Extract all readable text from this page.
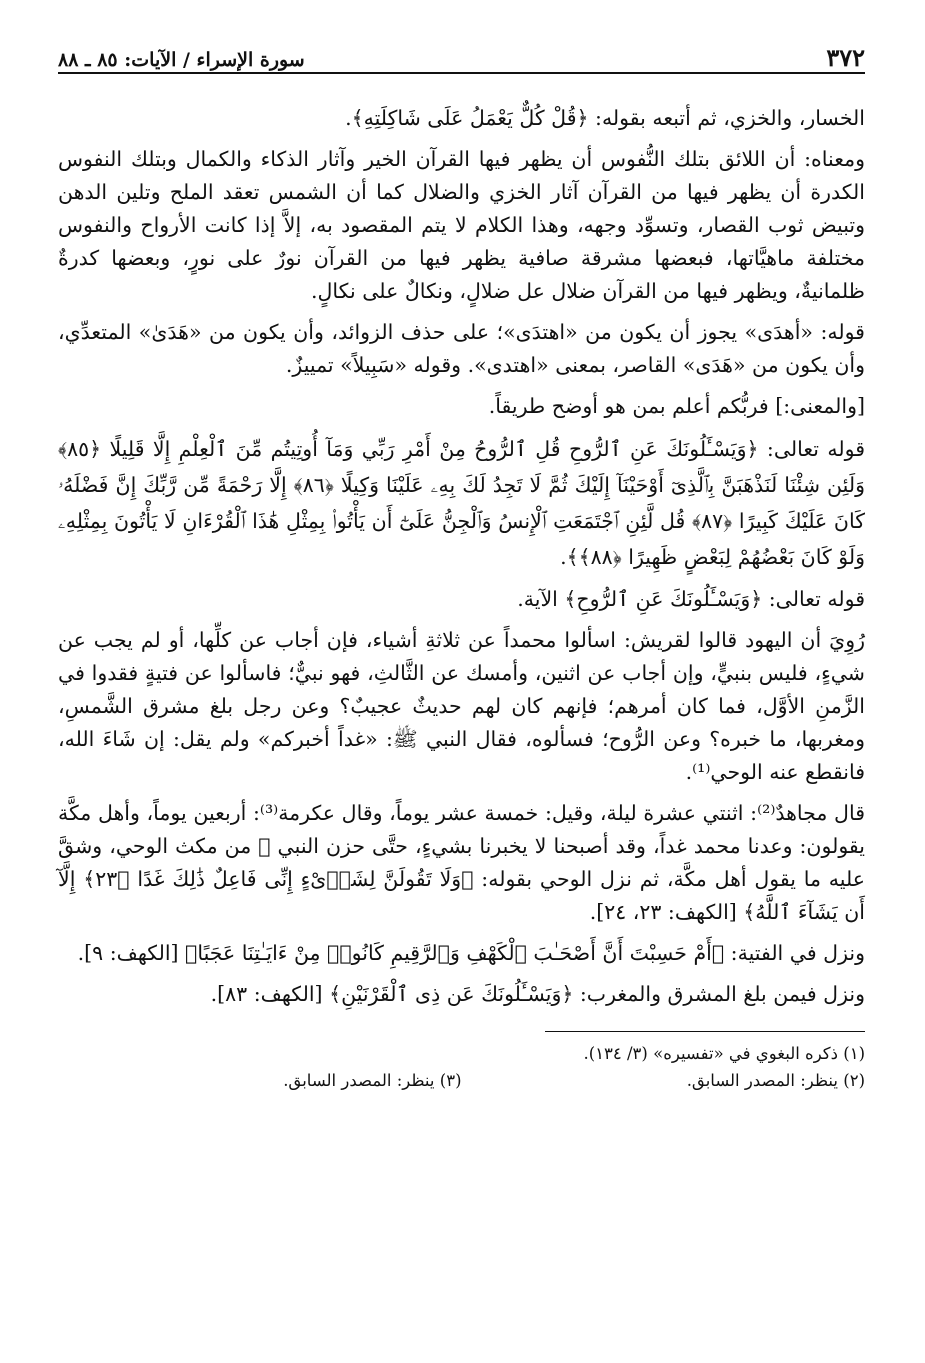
٣٧٢
سورة الإسراء / الآيات: ٨٥ ـ ٨٨

الخسار، والخزي، ثم أتبعه بقوله: ﴿قُلْ كُلٌّ يَعْمَلُ عَلَى شَاكِلَتِهِ﴾.

ومعناه: أن اللائق بتلك النُّفوس أن يظهر فيها القرآن الخير وآثار الذكاء والكمال وبتلك النفوس الكدرة أن يظهر فيها من القرآن آثار الخزي والضلال كما أن الشمس تعقد الملح وتلين الدهن وتبيض ثوب القصار، وتسوِّد وجهه، وهذا الكلام لا يتم المقصود به، إلاَّ إذا كانت الأرواح والنفوس مختلفة ماهيَّاتها، فبعضها مشرقة صافية يظهر فيها من القرآن نورٌ على نورٍ، وبعضها كدرةٌ ظلمانيةٌ، ويظهر فيها من القرآن ضلال عل ضلالٍ، ونكالٌ على نكالٍ.

قوله: «أهدَى» يجوز أن يكون من «اهتدَى»؛ على حذف الزوائد، وأن يكون من «هَدَىٰ» المتعدِّي، وأن يكون من «هَدَى» القاصر، بمعنى «اهتدى». وقوله «سَبِيلاً» تمييزٌ.

[والمعنى:] فربُّكم أعلم بمن هو أوضح طريقاً.

قوله تعالى: ﴿وَيَسْـَٔلُونَكَ عَنِ ٱلرُّوحِ قُلِ ٱلرُّوحُ مِنْ أَمْرِ رَبِّي وَمَآ أُوتِيتُم مِّنَ ٱلْعِلْمِ إِلَّا قَلِيلًا ﴿٨٥﴾ وَلَئِن شِئْنَا لَنَذْهَبَنَّ بِٱلَّذِىٓ أَوْحَيْنَآ إِلَيْكَ ثُمَّ لَا تَجِدُ لَكَ بِهِۦ عَلَيْنَا وَكِيلًا ﴿٨٦﴾ إِلَّا رَحْمَةً مِّن رَّبِّكَ إِنَّ فَضْلَهُۥ كَانَ عَلَيْكَ كَبِيرًا ﴿٨٧﴾ قُل لَّئِنِ ٱجْتَمَعَتِ ٱلْإِنسُ وَٱلْجِنُّ عَلَىٰٓ أَن يَأْتُوا۟ بِمِثْلِ هَٰذَا ٱلْقُرْءَانِ لَا يَأْتُونَ بِمِثْلِهِۦ وَلَوْ كَانَ بَعْضُهُمْ لِبَعْضٍ ظَهِيرًا ﴿٨٨﴾﴾.

قوله تعالى: ﴿وَيَسْـَٔلُونَكَ عَنِ ٱلرُّوحِ﴾ الآية.

رُوِيَ أن اليهود قالوا لقريش: اسألوا محمداً عن ثلاثةِ أشياء، فإن أجاب عن كلِّها، أو لم يجب عن شيءٍ، فليس بنبيٍّ، وإن أجاب عن اثنين، وأمسك عن الثَّالثِ، فهو نبيٌّ؛ فاسألوا عن فتيةٍ فقدوا في الزَّمنِ الأوَّل، فما كان أمرهم؛ فإنهم كان لهم حديثٌ عجيبٌ؟ وعن رجل بلغ مشرق الشَّمسِ، ومغربها، ما خبره؟ وعن الرُّوح؛ فسألوه، فقال النبي ﷺ: «غداً أخبركم» ولم يقل: إن شَاءَ الله، فانقطع عنه الوحي⁽¹⁾.

قال مجاهدٌ⁽²⁾: اثنتي عشرة ليلة، وقيل: خمسة عشر يوماً، وقال عكرمة⁽³⁾: أربعين يوماً، وأهل مكَّة يقولون: وعدنا محمد غداً، وقد أصبحنا لا يخبرنا بشيءٍ، حتَّى حزن النبي ﷺ من مكث الوحي، وشقَّ عليه ما يقول أهل مكَّة، ثم نزل الوحي بقوله: ﴿وَلَا تَقُولَنَّ لِشَا۟ىْءٍ إِنِّى فَاعِلٌ ذَٰلِكَ غَدًا ﴿٢٣﴾ إِلَّآ أَن يَشَآءَ ٱللَّهُ﴾ [الكهف: ٢٣، ٢٤].

ونزل في الفتية: ﴿أَمْ حَسِبْتَ أَنَّ أَصْحَـٰبَ ٱلْكَهْفِ وَٱلرَّقِيمِ كَانُوا۟ مِنْ ءَايَـٰتِنَا عَجَبًا﴾ [الكهف: ٩].

ونزل فيمن بلغ المشرق والمغرب: ﴿وَيَسْـَٔلُونَكَ عَن ذِى ٱلْقَرْنَيْنِ﴾ [الكهف: ٨٣].

(١) ذكره البغوي في «تفسيره» (٣/ ١٣٤).
(٢) ينظر: المصدر السابق.
(٣) ينظر: المصدر السابق.
